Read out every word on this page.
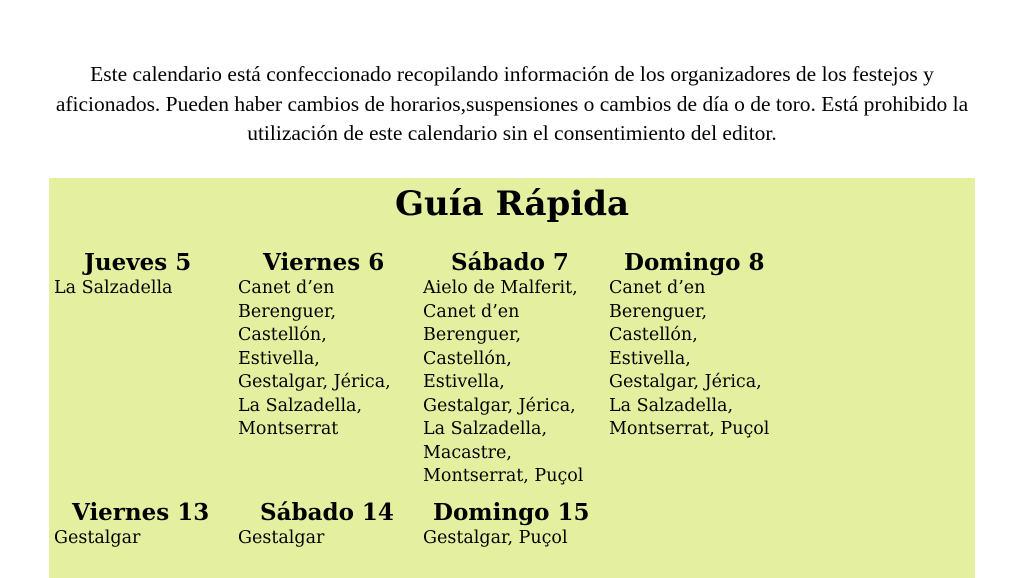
Este calendario está confeccionado recopilando información de los organizadores de los festejos y aficionados. Pueden haber cambios de horarios,suspensiones o cambios de día o de toro. Está prohibido la utilización de este calendario sin el consentimiento del editor.
Guía Rápida
Jueves 5
La Salzadella
Viernes 6
Canet d’en
Berenguer,
Castellón,
Estivella,
Gestalgar, Jérica,
La Salzadella,
Montserrat
Sábado 7
Aielo de Malferit,
Canet d’en
Berenguer,
Castellón,
Estivella,
Gestalgar, Jérica,
La Salzadella,
Macastre,
Montserrat, Puçol
Domingo 8
Canet d’en
Berenguer,
Castellón,
Estivella,
Gestalgar, Jérica,
La Salzadella,
Montserrat, Puçol
Viernes 13
Gestalgar
Sábado 14
Gestalgar
Domingo 15
Gestalgar, Puçol
